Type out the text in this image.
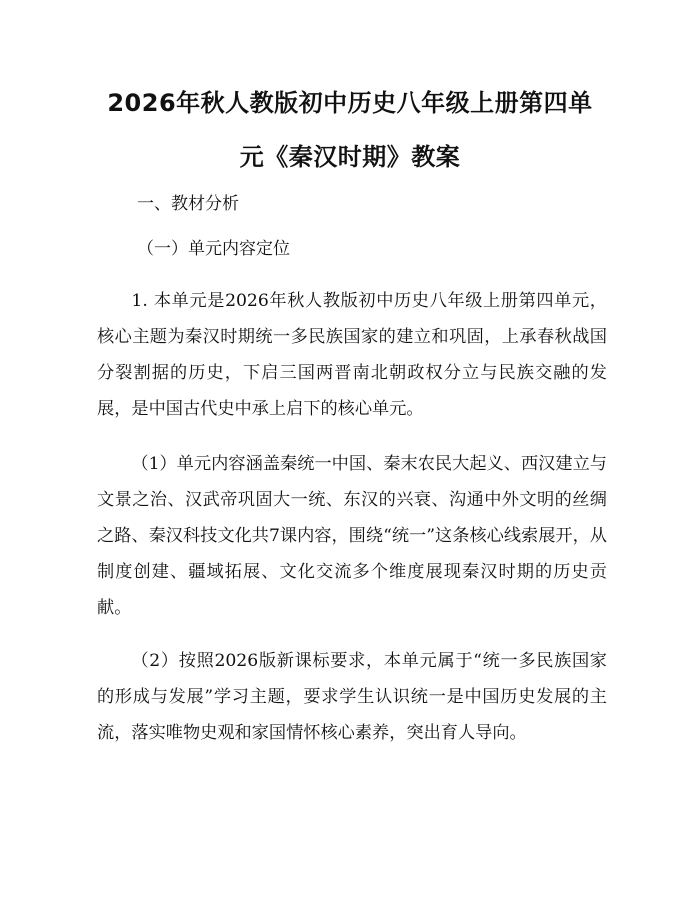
2026年秋人教版初中历史八年级上册第四单
元《秦汉时期》教案

一、教材分析

（一）单元内容定位

1. 本单元是2026年秋人教版初中历史八年级上册第四单元，核心主题为秦汉时期统一多民族国家的建立和巩固，上承春秋战国分裂割据的历史，下启三国两晋南北朝政权分立与民族交融的发展，是中国古代史中承上启下的核心单元。

（1）单元内容涵盖秦统一中国、秦末农民大起义、西汉建立与文景之治、汉武帝巩固大一统、东汉的兴衰、沟通中外文明的丝绸之路、秦汉科技文化共7课内容，围绕“统一”这条核心线索展开，从制度创建、疆域拓展、文化交流多个维度展现秦汉时期的历史贡献。

（2）按照2026版新课标要求，本单元属于“统一多民族国家的形成与发展”学习主题，要求学生认识统一是中国历史发展的主流，落实唯物史观和家国情怀核心素养，突出育人导向。
